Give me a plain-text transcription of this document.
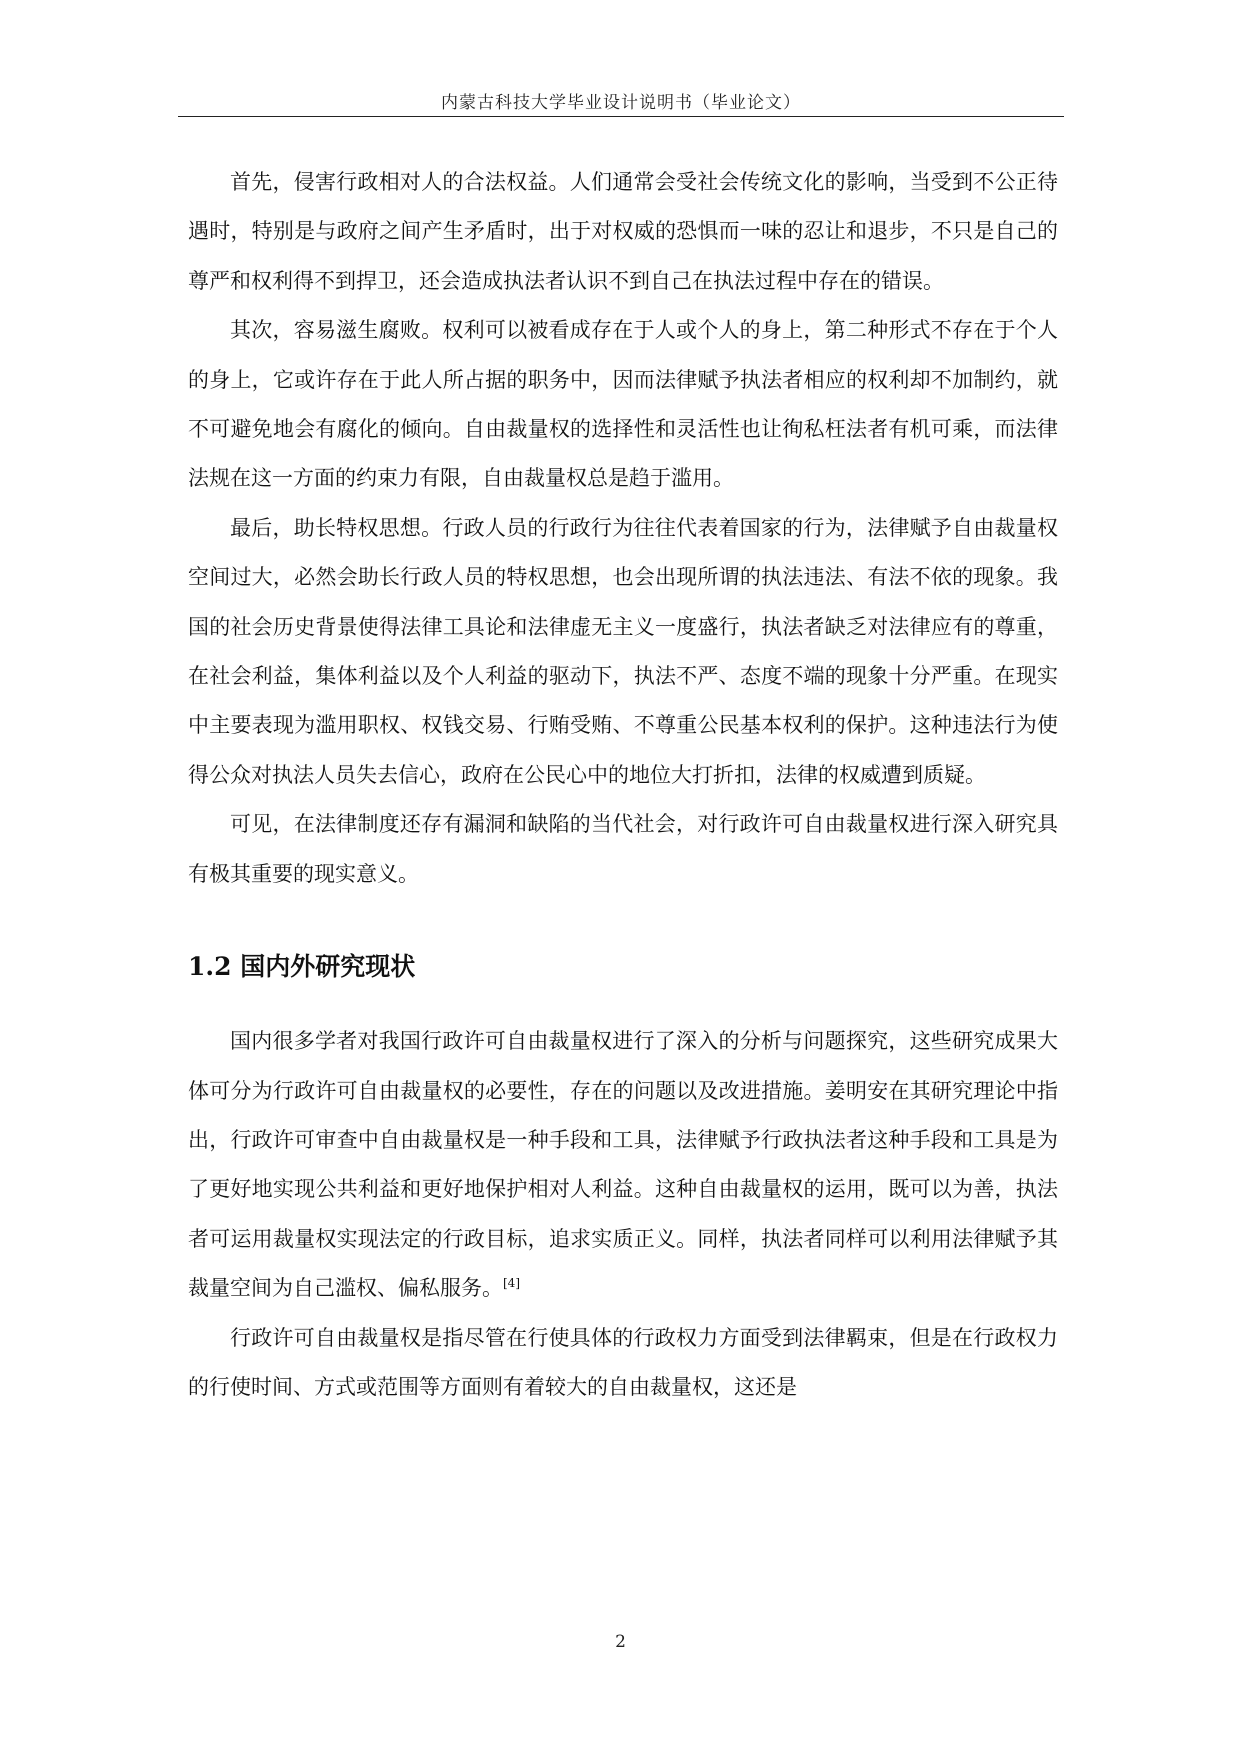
内蒙古科技大学毕业设计说明书（毕业论文）

首先，侵害行政相对人的合法权益。人们通常会受社会传统文化的影响，当受到不公正待遇时，特别是与政府之间产生矛盾时，出于对权威的恐惧而一味的忍让和退步，不只是自己的尊严和权利得不到捍卫，还会造成执法者认识不到自己在执法过程中存在的错误。

其次，容易滋生腐败。权利可以被看成存在于人或个人的身上，第二种形式不存在于个人的身上，它或许存在于此人所占据的职务中，因而法律赋予执法者相应的权利却不加制约，就不可避免地会有腐化的倾向。自由裁量权的选择性和灵活性也让徇私枉法者有机可乘，而法律法规在这一方面的约束力有限，自由裁量权总是趋于滥用。

最后，助长特权思想。行政人员的行政行为往往代表着国家的行为，法律赋予自由裁量权空间过大，必然会助长行政人员的特权思想，也会出现所谓的执法违法、有法不依的现象。我国的社会历史背景使得法律工具论和法律虚无主义一度盛行，执法者缺乏对法律应有的尊重，在社会利益，集体利益以及个人利益的驱动下，执法不严、态度不端的现象十分严重。在现实中主要表现为滥用职权、权钱交易、行贿受贿、不尊重公民基本权利的保护。这种违法行为使得公众对执法人员失去信心，政府在公民心中的地位大打折扣，法律的权威遭到质疑。

可见，在法律制度还存有漏洞和缺陷的当代社会，对行政许可自由裁量权进行深入研究具有极其重要的现实意义。

1.2 国内外研究现状

国内很多学者对我国行政许可自由裁量权进行了深入的分析与问题探究，这些研究成果大体可分为行政许可自由裁量权的必要性，存在的问题以及改进措施。姜明安在其研究理论中指出，行政许可审查中自由裁量权是一种手段和工具，法律赋予行政执法者这种手段和工具是为了更好地实现公共利益和更好地保护相对人利益。这种自由裁量权的运用，既可以为善，执法者可运用裁量权实现法定的行政目标，追求实质正义。同样，执法者同样可以利用法律赋予其裁量空间为自己滥权、偏私服务。[4]

行政许可自由裁量权是指尽管在行使具体的行政权力方面受到法律羁束，但是在行政权力的行使时间、方式或范围等方面则有着较大的自由裁量权，这还是

2
